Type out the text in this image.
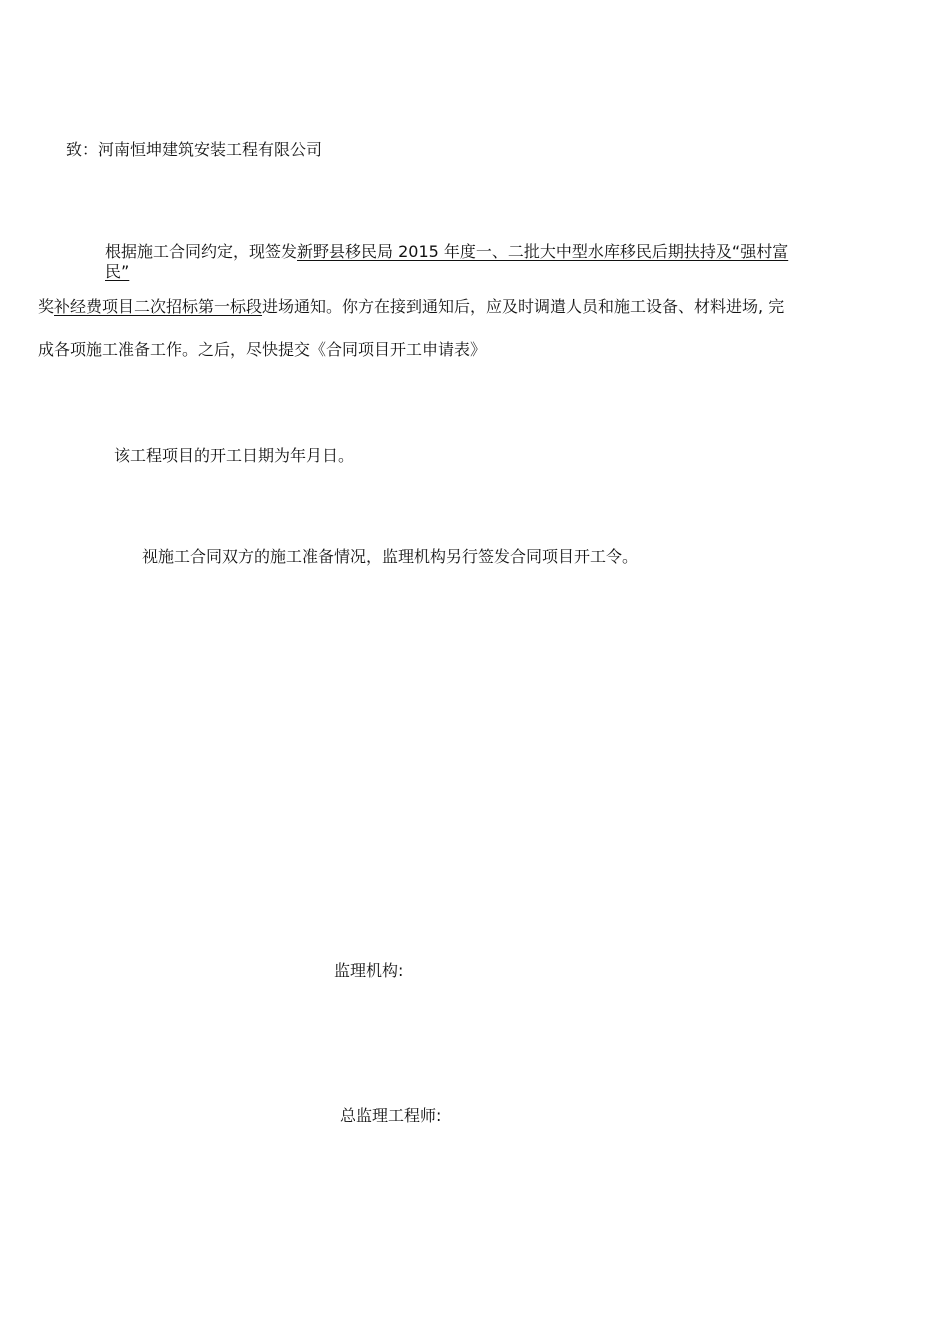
致：河南恒坤建筑安装工程有限公司
根据施工合同约定，现签发新野县移民局 2015 年度一、二批大中型水库移民后期扶持及“强村富
民”
奖补经费项目二次招标第一标段进场通知。你方在接到通知后，应及时调遣人员和施工设备、材料进场, 完
成各项施工准备工作。之后，尽快提交《合同项目开工申请表》
该工程项目的开工日期为年月日。
视施工合同双方的施工准备情况，监理机构另行签发合同项目开工令。
监理机构:
总监理工程师:
